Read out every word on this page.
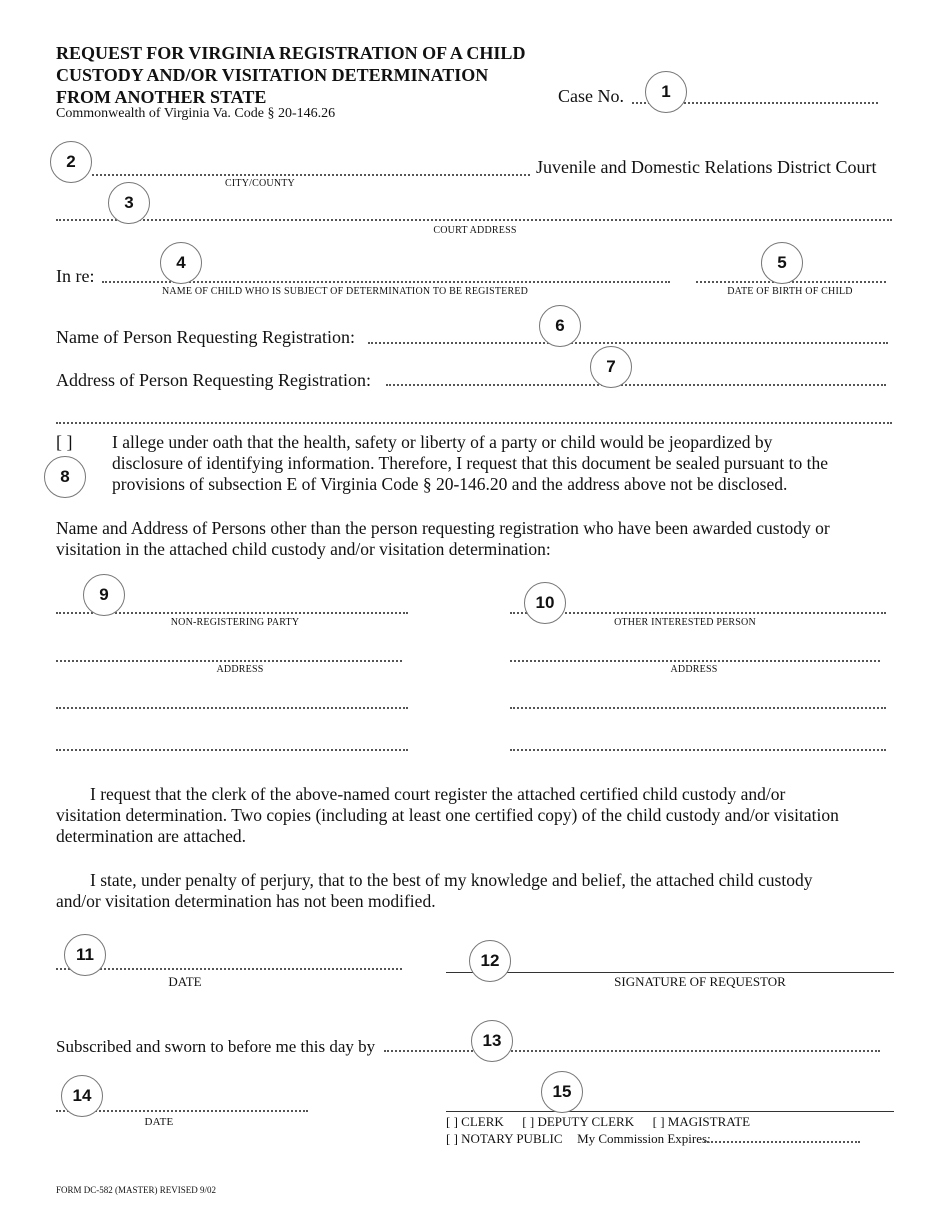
REQUEST FOR VIRGINIA REGISTRATION OF A CHILD
CUSTODY AND/OR VISITATION DETERMINATION
FROM ANOTHER STATE
Commonwealth of Virginia Va. Code § 20-146.26
Case No.	1
2
CITY/COUNTY
Juvenile and Domestic Relations District Court
3
COURT ADDRESS
In re:
4
NAME OF CHILD WHO IS SUBJECT OF DETERMINATION TO BE REGISTERED
5
DATE OF BIRTH OF CHILD
Name of Person Requesting Registration:
6
Address of Person Requesting Registration:
7
[ ]
8
I allege under oath that the health, safety or liberty of a party or child would be jeopardized by
disclosure of identifying information. Therefore, I request that this document be sealed pursuant to the
provisions of subsection E of Virginia Code § 20-146.20 and the address above not be disclosed.
Name and Address of Persons other than the person requesting registration who have been awarded custody or
visitation in the attached child custody and/or visitation determination:
9
NON-REGISTERING PARTY
10
OTHER INTERESTED PERSON
ADDRESS	ADDRESS
I request that the clerk of the above-named court register the attached certified child custody and/or
visitation determination. Two copies (including at least one certified copy) of the child custody and/or visitation
determination are attached.
I state, under penalty of perjury, that to the best of my knowledge and belief, the attached child custody
and/or visitation determination has not been modified.
11
DATE
12
SIGNATURE OF REQUESTOR
Subscribed and sworn to before me this day by	13
14
DATE
15
[ ] CLERK [ ] DEPUTY CLERK [ ] MAGISTRATE
[ ] NOTARY PUBLIC My Commission Expires:
FORM DC-582 (MASTER) REVISED 9/02
